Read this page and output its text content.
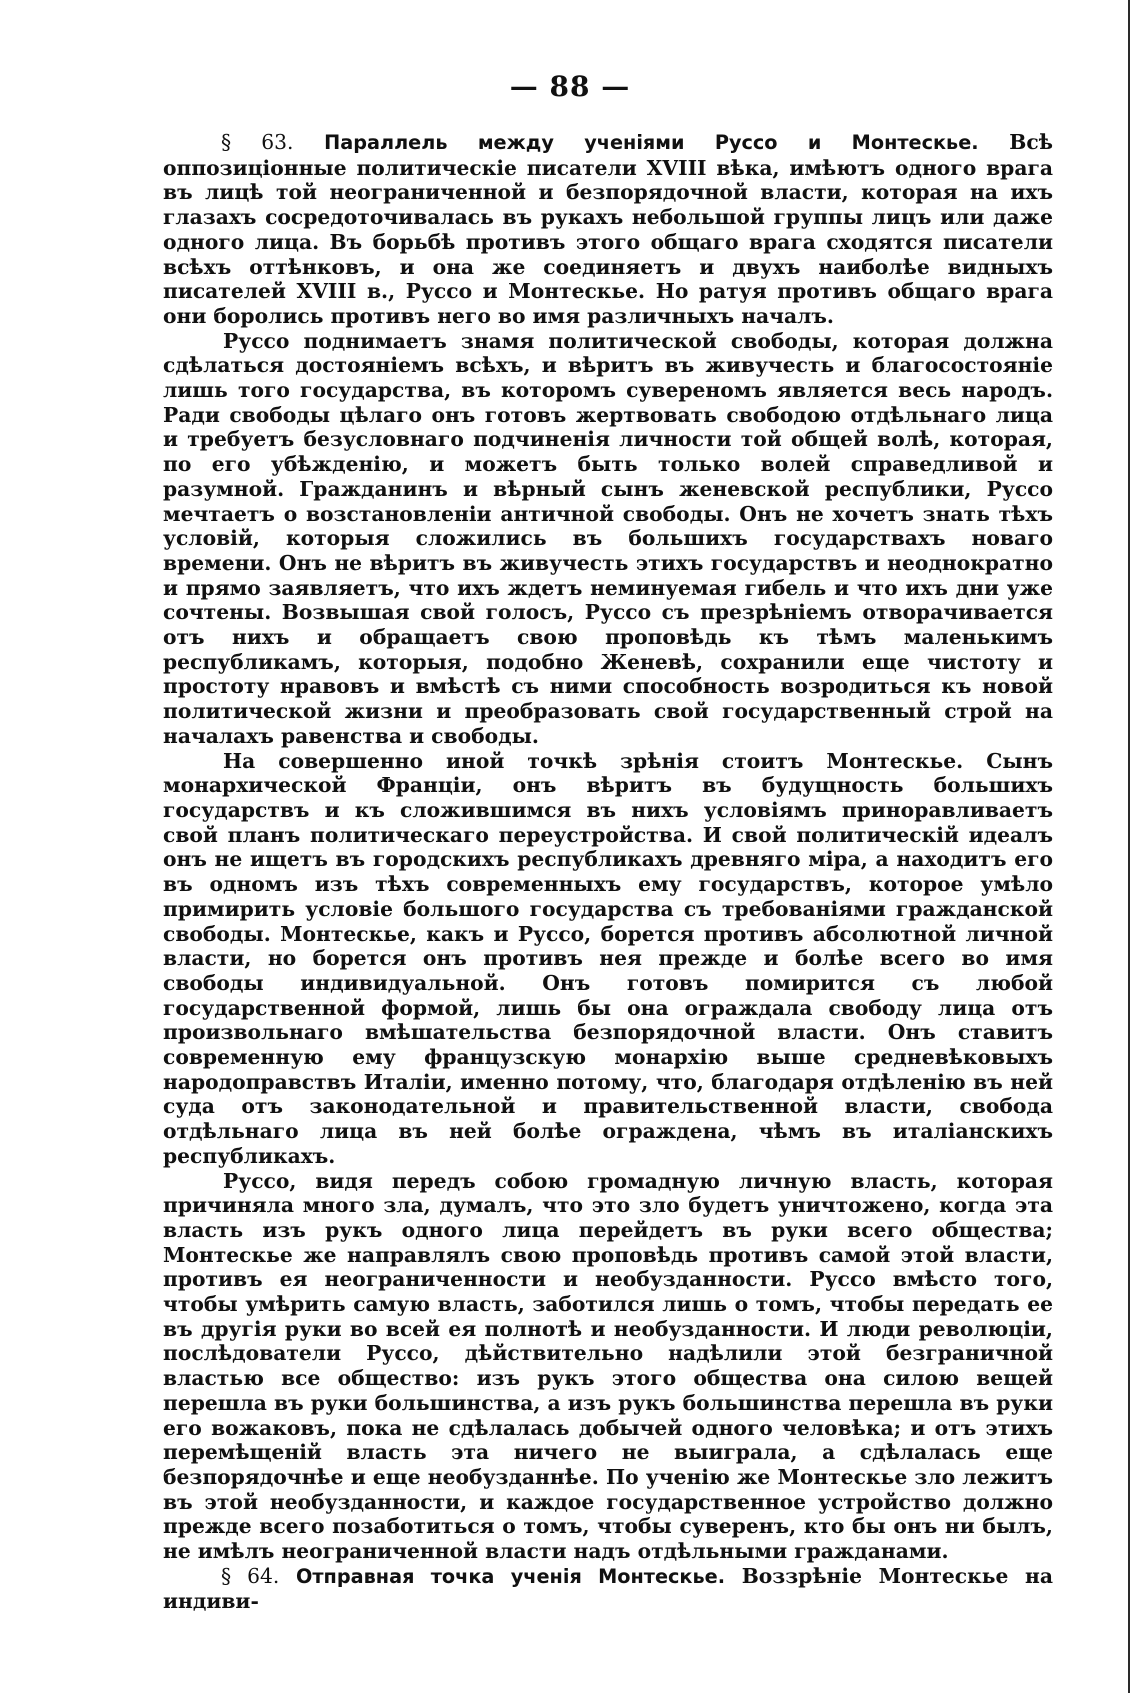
— 88 —

§ 63. Параллель между ученіями Руссо и Монтескье. Всѣ оппозиціонные политическіе писатели XVIII вѣка, имѣютъ одного врага въ лицѣ той неограниченной и безпорядочной власти, которая на ихъ глазахъ сосредоточивалась въ рукахъ небольшой группы лицъ или даже одного лица. Въ борьбѣ противъ этого общаго врага сходятся писатели всѣхъ оттѣнковъ, и она же соединяетъ и двухъ наиболѣе видныхъ писателей XVIII в., Руссо и Монтескье. Но ратуя противъ общаго врага они боролись противъ него во имя различныхъ началъ.

Руссо поднимаетъ знамя политической свободы, которая должна сдѣлаться достояніемъ всѣхъ, и вѣритъ въ живучесть и благосостояніе лишь того государства, въ которомъ сувереномъ является весь народъ. Ради свободы цѣлаго онъ готовъ жертвовать свободою отдѣльнаго лица и требуетъ безусловнаго подчиненія личности той общей волѣ, которая, по его убѣжденію, и можетъ быть только волей справедливой и разумной. Гражданинъ и вѣрный сынъ женевской республики, Руссо мечтаетъ о возстановленіи античной свободы. Онъ не хочетъ знать тѣхъ условій, которыя сложились въ большихъ государствахъ новаго времени. Онъ не вѣритъ въ живучесть этихъ государствъ и неоднократно и прямо заявляетъ, что ихъ ждетъ неминуемая гибель и что ихъ дни уже сочтены. Возвышая свой голосъ, Руссо съ презрѣніемъ отворачивается отъ нихъ и обращаетъ свою проповѣдь къ тѣмъ маленькимъ республикамъ, которыя, подобно Женевѣ, сохранили еще чистоту и простоту нравовъ и вмѣстѣ съ ними способность возродиться къ новой политической жизни и преобразовать свой государственный строй на началахъ равенства и свободы.

На совершенно иной точкѣ зрѣнія стоитъ Монтескье. Сынъ монархической Франціи, онъ вѣритъ въ будущность большихъ государствъ и къ сложившимся въ нихъ условіямъ приноравливаетъ свой планъ политическаго переустройства. И свой политическій идеалъ онъ не ищетъ въ городскихъ республикахъ древняго міра, а находитъ его въ одномъ изъ тѣхъ современныхъ ему государствъ, которое умѣло примирить условіе большого государства съ требованіями гражданской свободы. Монтескье, какъ и Руссо, борется противъ абсолютной личной власти, но борется онъ противъ нея прежде и болѣе всего во имя свободы индивидуальной. Онъ готовъ помирится съ любой государственной формой, лишь бы она ограждала свободу лица отъ произвольнаго вмѣшательства безпорядочной власти. Онъ ставитъ современную ему французскую монархію выше средневѣковыхъ народоправствъ Италіи, именно потому, что, благодаря отдѣленію въ ней суда отъ законодательной и правительственной власти, свобода отдѣльнаго лица въ ней болѣе ограждена, чѣмъ въ италіанскихъ республикахъ.

Руссо, видя передъ собою громадную личную власть, которая причиняла много зла, думалъ, что это зло будетъ уничтожено, когда эта власть изъ рукъ одного лица перейдетъ въ руки всего общества; Монтескье же направлялъ свою проповѣдь противъ самой этой власти, противъ ея неограниченности и необузданности. Руссо вмѣсто того, чтобы умѣрить самую власть, заботился лишь о томъ, чтобы передать ее въ другія руки во всей ея полнотѣ и необузданности. И люди революціи, послѣдователи Руссо, дѣйствительно надѣлили этой безграничной властью все общество: изъ рукъ этого общества она силою вещей перешла въ руки большинства, а изъ рукъ большинства перешла въ руки его вожаковъ, пока не сдѣлалась добычей одного человѣка; и отъ этихъ перемѣщеній власть эта ничего не выиграла, а сдѣлалась еще безпорядочнѣе и еще необузданнѣе. По ученію же Монтескье зло лежитъ въ этой необузданности, и каждое государственное устройство должно прежде всего позаботиться о томъ, чтобы суверенъ, кто бы онъ ни былъ, не имѣлъ неограниченной власти надъ отдѣльными гражданами.

§ 64. Отправная точка ученія Монтескье. Воззрѣніе Монтескье на индиви-
